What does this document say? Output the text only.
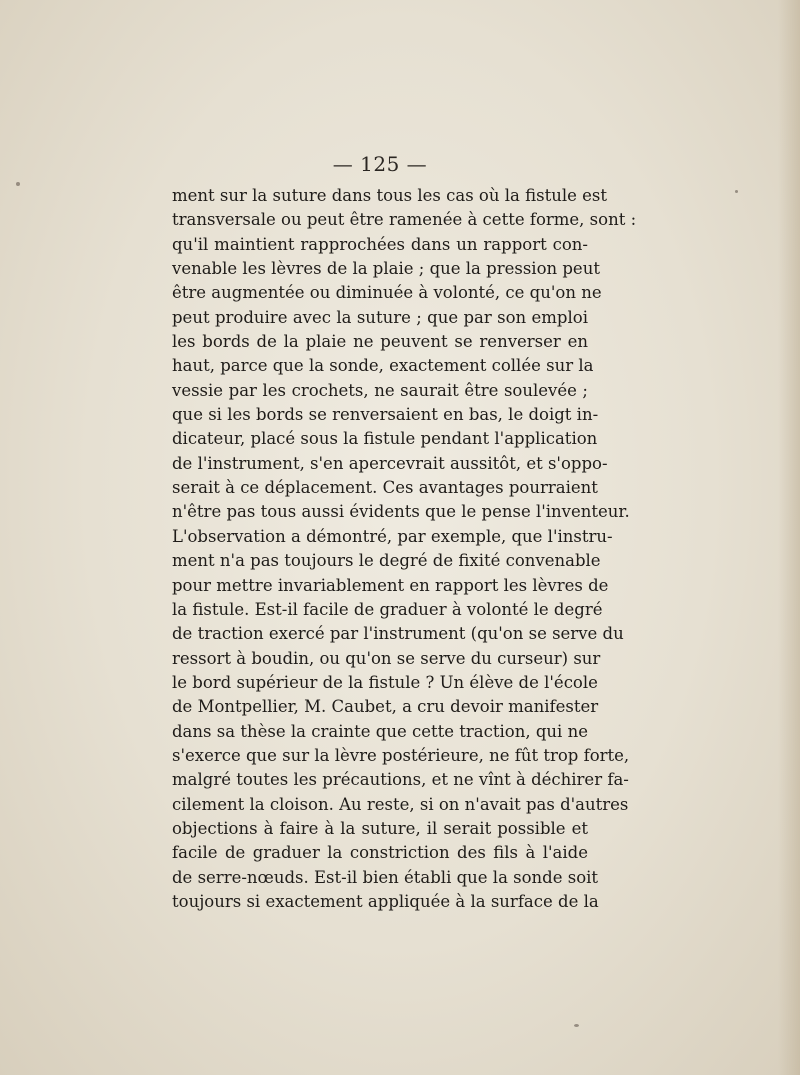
— 125 —
ment sur la suture dans tous les cas où la fistule est
transversale ou peut être ramenée à cette forme, sont :
qu'il maintient rapprochées dans un rapport con-
venable les lèvres de la plaie ; que la pression peut
être augmentée ou diminuée à volonté, ce qu'on ne
peut produire avec la suture ; que par son emploi
les bords de la plaie ne peuvent se renverser en
haut, parce que la sonde, exactement collée sur la
vessie par les crochets, ne saurait être soulevée ;
que si les bords se renversaient en bas, le doigt in-
dicateur, placé sous la fistule pendant l'application
de l'instrument, s'en apercevrait aussitôt, et s'oppo-
serait à ce déplacement. Ces avantages pourraient
n'être pas tous aussi évidents que le pense l'inventeur.
L'observation a démontré, par exemple, que l'instru-
ment n'a pas toujours le degré de fixité convenable
pour mettre invariablement en rapport les lèvres de
la fistule. Est-il facile de graduer à volonté le degré
de traction exercé par l'instrument (qu'on se serve du
ressort à boudin, ou qu'on se serve du curseur) sur
le bord supérieur de la fistule ? Un élève de l'école
de Montpellier, M. Caubet, a cru devoir manifester
dans sa thèse la crainte que cette traction, qui ne
s'exerce que sur la lèvre postérieure, ne fût trop forte,
malgré toutes les précautions, et ne vînt à déchirer fa-
cilement la cloison. Au reste, si on n'avait pas d'autres
objections à faire à la suture, il serait possible et
facile de graduer la constriction des fils à l'aide
de serre-nœuds. Est-il bien établi que la sonde soit
toujours si exactement appliquée à la surface de la
